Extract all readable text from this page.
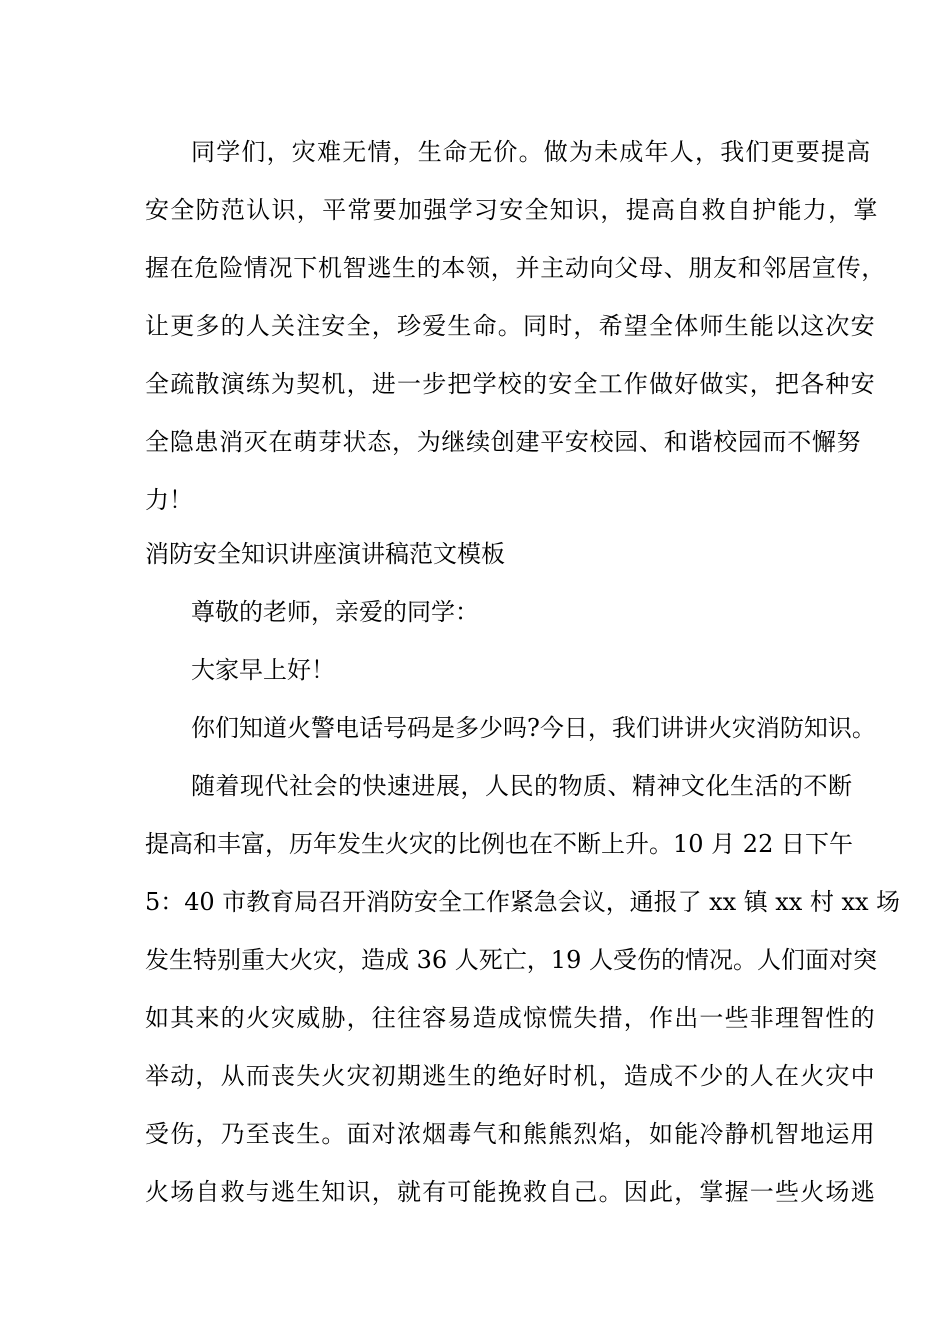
同学们，灾难无情，生命无价。做为未成年人，我们更要提高
安全防范认识，平常要加强学习安全知识，提高自救自护能力，掌
握在危险情况下机智逃生的本领，并主动向父母、朋友和邻居宣传，
让更多的人关注安全，珍爱生命。同时，希望全体师生能以这次安
全疏散演练为契机，进一步把学校的安全工作做好做实，把各种安
全隐患消灭在萌芽状态，为继续创建平安校园、和谐校园而不懈努
力！
消防安全知识讲座演讲稿范文模板
尊敬的老师，亲爱的同学：
大家早上好！
你们知道火警电话号码是多少吗?今日，我们讲讲火灾消防知识。
随着现代社会的快速进展，人民的物质、精神文化生活的不断
提高和丰富，历年发生火灾的比例也在不断上升。10 月 22 日下午
5：40 市教育局召开消防安全工作紧急会议，通报了 xx 镇 xx 村 xx 场
发生特别重大火灾，造成 36 人死亡，19 人受伤的情况。人们面对突
如其来的火灾威胁，往往容易造成惊慌失措，作出一些非理智性的
举动，从而丧失火灾初期逃生的绝好时机，造成不少的人在火灾中
受伤，乃至丧生。面对浓烟毒气和熊熊烈焰，如能冷静机智地运用
火场自救与逃生知识，就有可能挽救自己。因此，掌握一些火场逃
